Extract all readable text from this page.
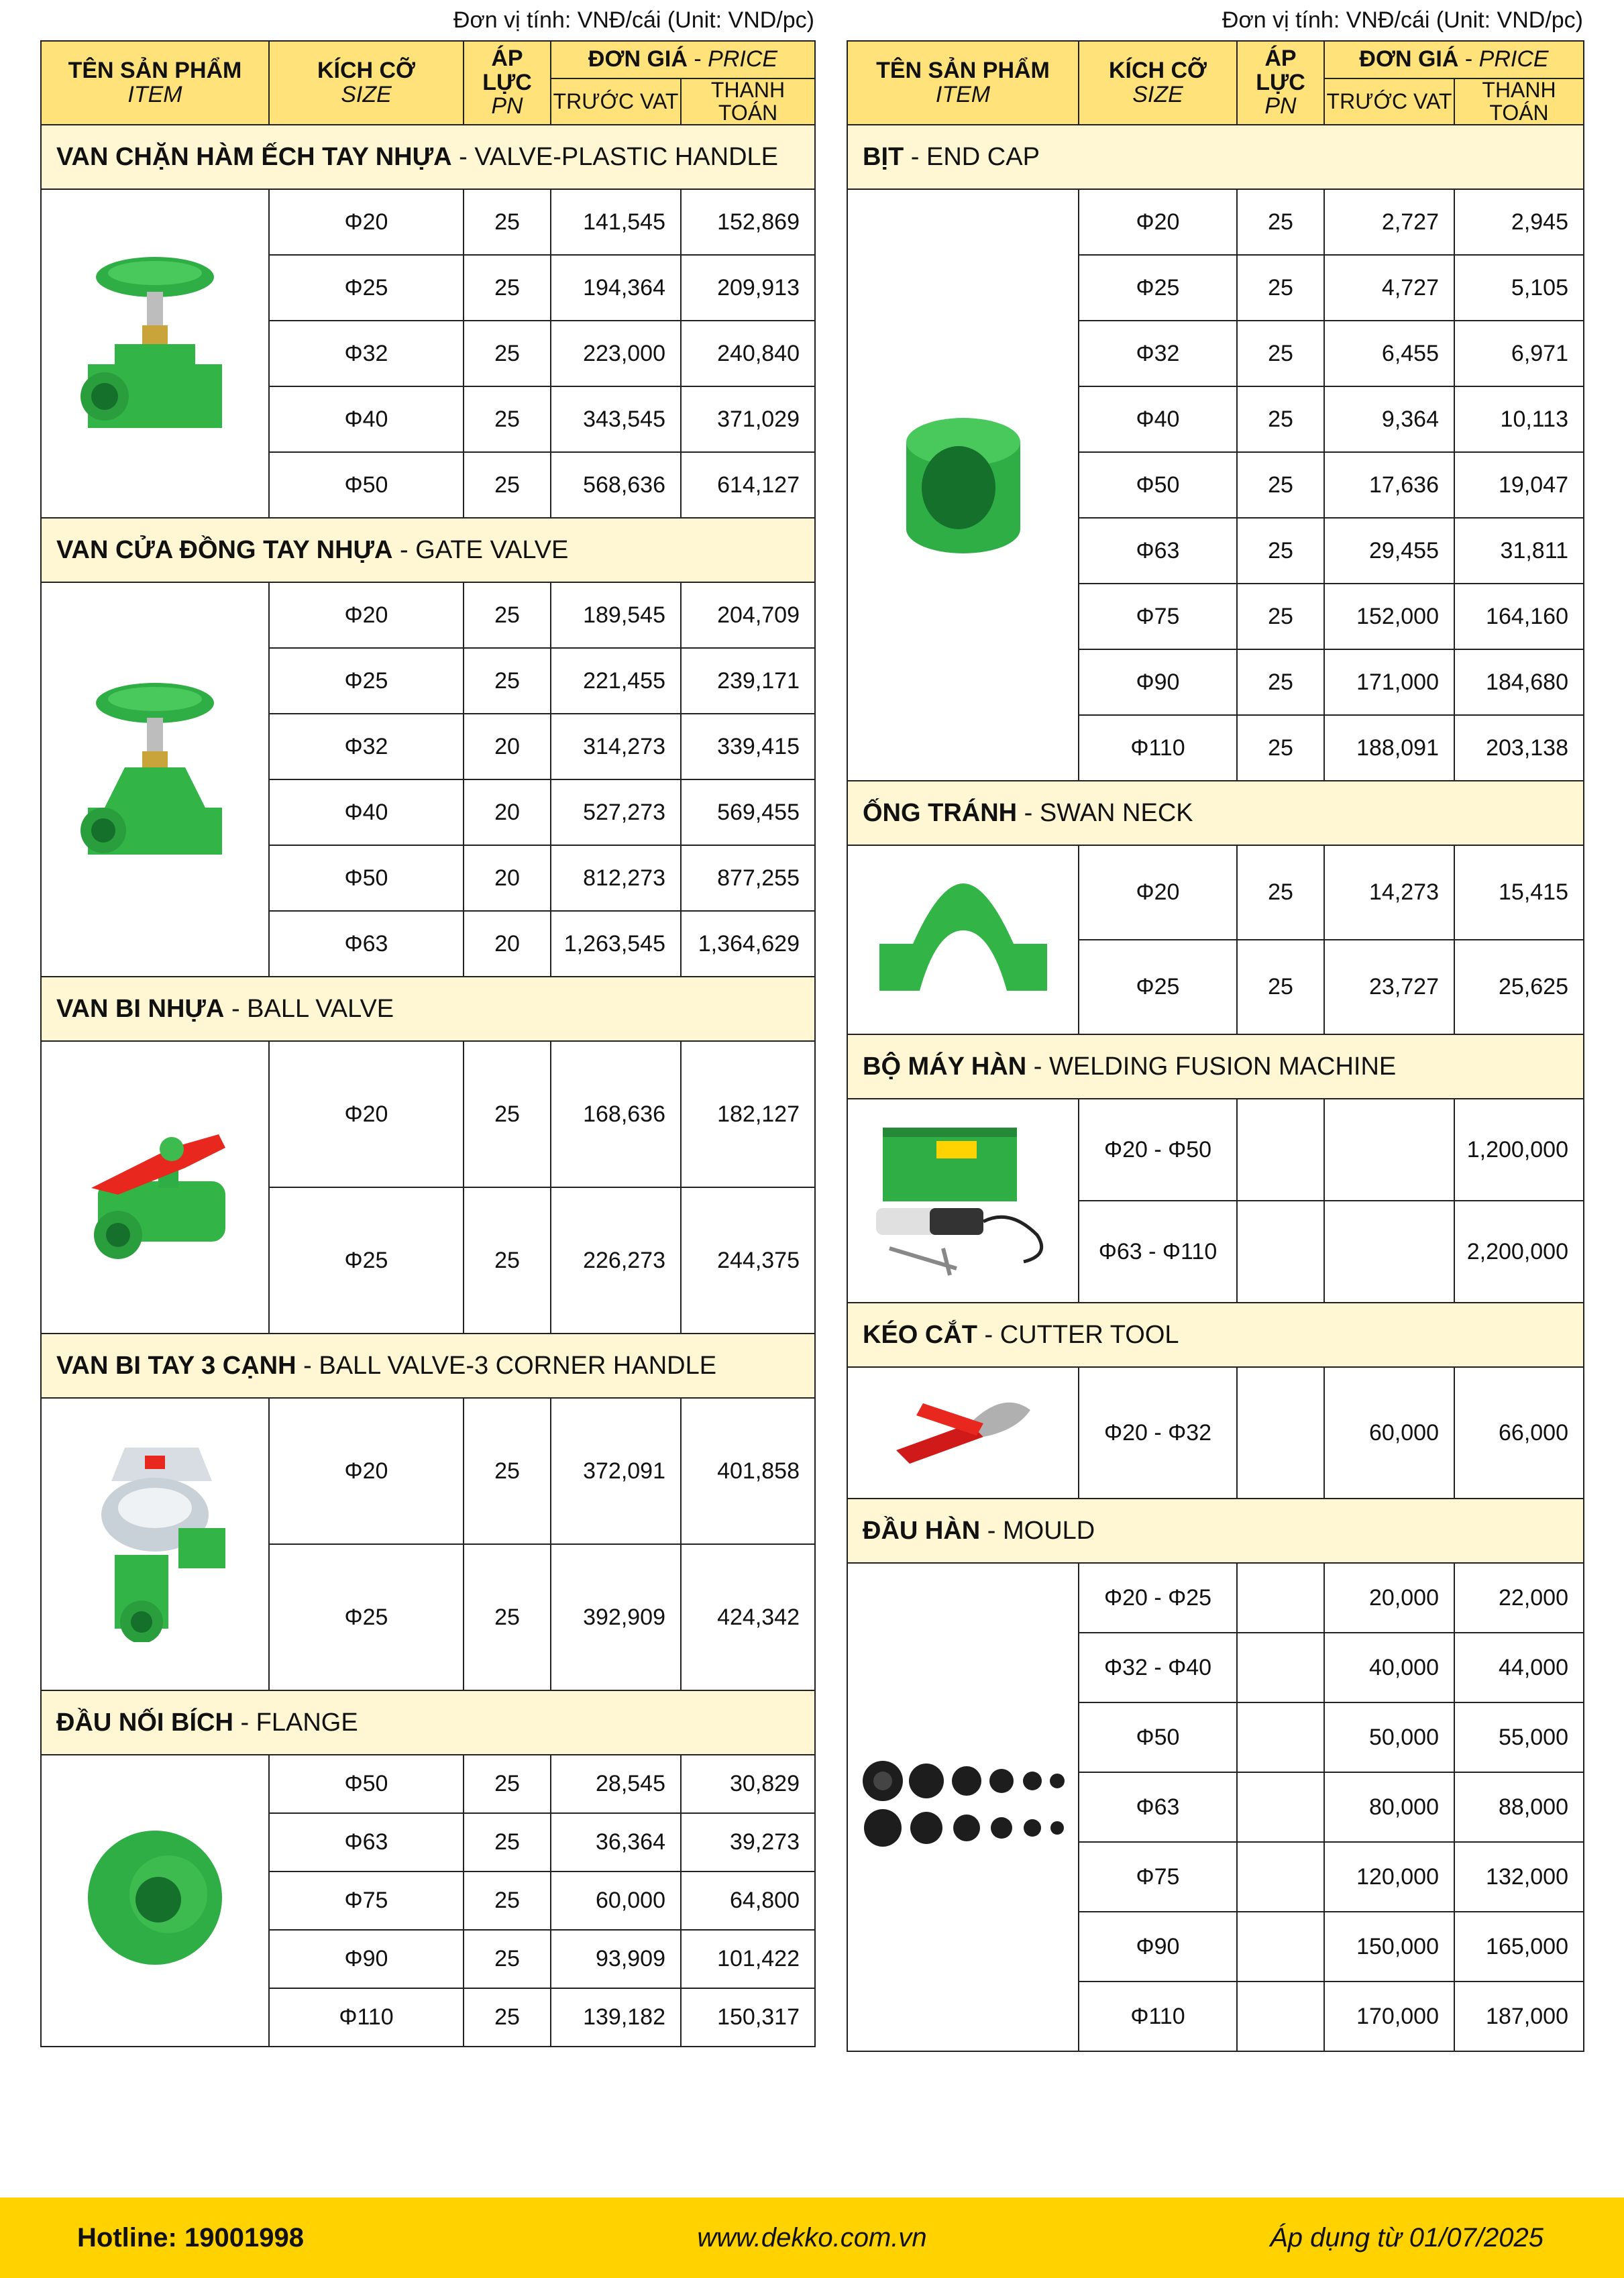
Đơn vị tính: VNĐ/cái (Unit: VND/pc)	Đơn vị tính: VNĐ/cái (Unit: VND/pc)
TÊN SẢN PHẨM
ITEM	KÍCH CỠ
SIZE	ÁP LỰC
PN	ĐƠN GIÁ - PRICE	
			TRƯỚC VAT	THANH TOÁN
VAN CHẶN HÀM ẾCH TAY NHỰA - VALVE-PLASTIC HANDLE				
	Φ20	25	141,545	152,869
	Φ25	25	194,364	209,913
	Φ32	25	223,000	240,840
	Φ40	25	343,545	371,029
	Φ50	25	568,636	614,127
VAN CỬA ĐỒNG TAY NHỰA - GATE VALVE				
	Φ20	25	189,545	204,709
	Φ25	25	221,455	239,171
	Φ32	20	314,273	339,415
	Φ40	20	527,273	569,455
	Φ50	20	812,273	877,255
	Φ63	20	1,263,545	1,364,629
VAN BI NHỰA - BALL VALVE				
	Φ20	25	168,636	182,127
	Φ25	25	226,273	244,375
VAN BI TAY 3 CẠNH - BALL VALVE-3 CORNER HANDLE				
	Φ20	25	372,091	401,858
	Φ25	25	392,909	424,342
ĐẦU NỐI BÍCH - FLANGE				
	Φ50	25	28,545	30,829
	Φ63	25	36,364	39,273
	Φ75	25	60,000	64,800
	Φ90	25	93,909	101,422
	Φ110	25	139,182	150,317
TÊN SẢN PHẨM
ITEM	KÍCH CỠ
SIZE	ÁP LỰC
PN	ĐƠN GIÁ - PRICE	
			TRƯỚC VAT	THANH TOÁN
BỊT - END CAP				
	Φ20	25	2,727	2,945
	Φ25	25	4,727	5,105
	Φ32	25	6,455	6,971
	Φ40	25	9,364	10,113
	Φ50	25	17,636	19,047
	Φ63	25	29,455	31,811
	Φ75	25	152,000	164,160
	Φ90	25	171,000	184,680
	Φ110	25	188,091	203,138
ỐNG TRÁNH - SWAN NECK				
	Φ20	25	14,273	15,415
	Φ25	25	23,727	25,625
BỘ MÁY HÀN - WELDING FUSION MACHINE				
	Φ20 - Φ50			1,200,000
	Φ63 - Φ110			2,200,000
KÉO CẮT - CUTTER TOOL				
	Φ20 - Φ32		60,000	66,000
ĐẦU HÀN - MOULD				
	Φ20 - Φ25		20,000	22,000
	Φ32 - Φ40		40,000	44,000
	Φ50		50,000	55,000
	Φ63		80,000	88,000
	Φ75		120,000	132,000
	Φ90		150,000	165,000
	Φ110		170,000	187,000
Hotline: 19001998	www.dekko.com.vn	Áp dụng từ 01/07/2025
